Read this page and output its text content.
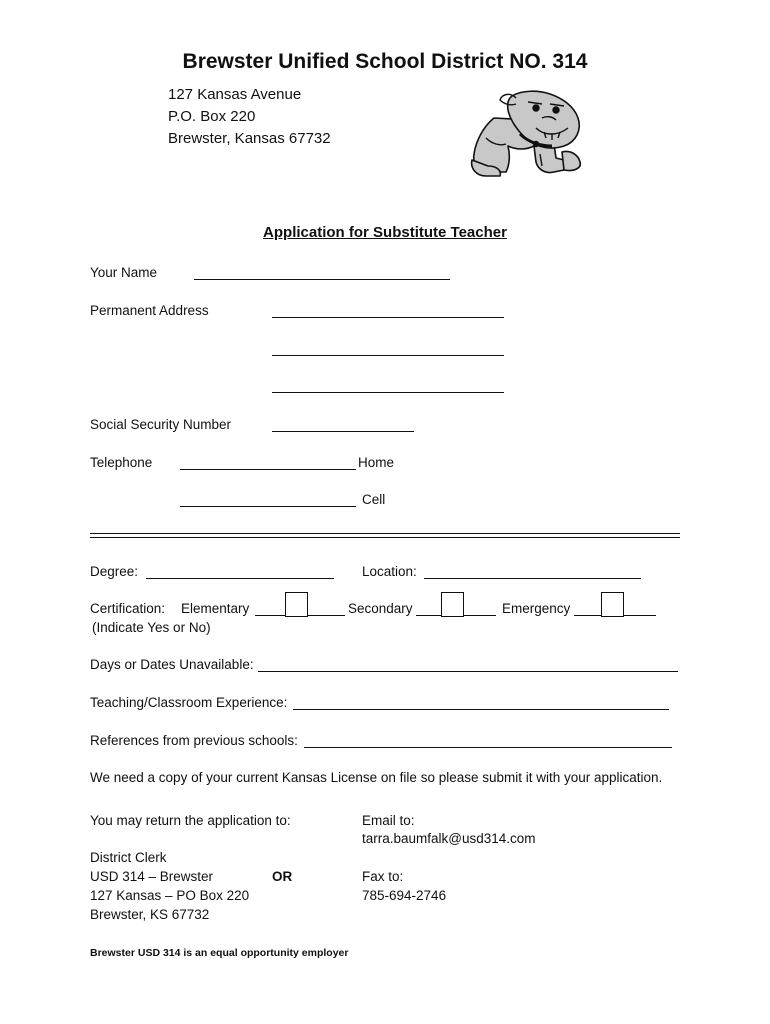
Brewster Unified School District NO. 314
127 Kansas Avenue
P.O. Box 220
Brewster, Kansas 67732
Application for Substitute Teacher
Your Name
Permanent Address
Social Security Number
Telephone	Home
Cell
Degree:	Location:
Certification: Elementary	Secondary	Emergency
(Indicate Yes or No)
Days or Dates Unavailable:
Teaching/Classroom Experience:
References from previous schools:
We need a copy of your current Kansas License on file so please submit it with your application.
You may return the application to:	Email to:
tarra.baumfalk@usd314.com
District Clerk
USD 314 – Brewster
127 Kansas – PO Box 220
Brewster, KS 67732
OR	Fax to:
785-694-2746
Brewster USD 314 is an equal opportunity employer
